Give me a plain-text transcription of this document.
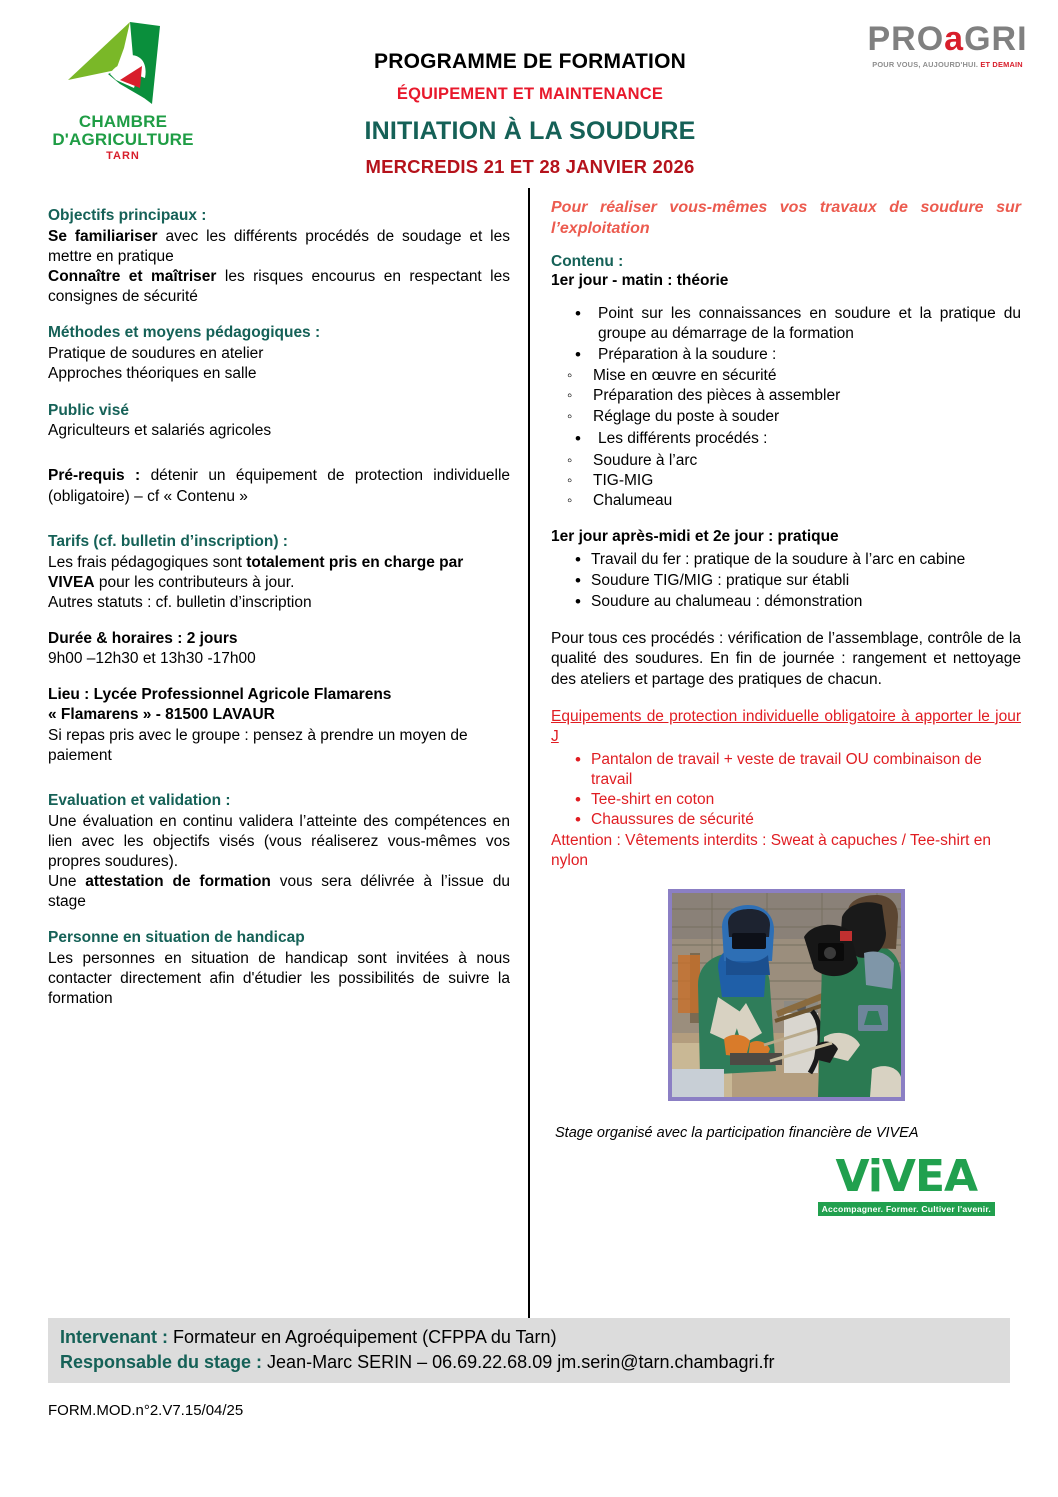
CHAMBRE
D'AGRICULTURE
TARN
PROGRAMME DE FORMATION
ÉQUIPEMENT ET MAINTENANCE
INITIATION À LA SOUDURE
MERCREDIS 21 ET 28 JANVIER 2026
PROaGRI
POUR VOUS, AUJOURD'HUI. ET DEMAIN
Objectifs principaux :

Se familiariser avec les différents procédés de soudage et les mettre en pratique

Connaître et maîtriser les risques encourus en respectant les consignes de sécurité

Méthodes et moyens pédagogiques :

Pratique de soudures en atelier

Approches théoriques en salle

Public visé

Agriculteurs et salariés agricoles

Pré-requis : détenir un équipement de protection individuelle (obligatoire) – cf « Contenu »

Tarifs (cf. bulletin d’inscription) :

Les frais pédagogiques sont totalement pris en charge par VIVEA pour les contributeurs à jour.

Autres statuts : cf. bulletin d’inscription

Durée & horaires : 2 jours

9h00 –12h30 et 13h30 -17h00

Lieu : Lycée Professionnel Agricole Flamarens

« Flamarens » - 81500 LAVAUR

Si repas pris avec le groupe : pensez à prendre un moyen de paiement

Evaluation et validation :

Une évaluation en continu validera l’atteinte des compétences en lien avec les objectifs visés (vous réaliserez vous-mêmes vos propres soudures).

Une attestation de formation vous sera délivrée à l’issue du stage

Personne en situation de handicap

Les personnes en situation de handicap sont invitées à nous contacter directement afin d'étudier les possibilités de suivre la formation

Pour réaliser vous-mêmes vos travaux de soudure sur l’exploitation

Contenu :

1er jour - matin : théorie

• Point sur les connaissances en soudure et la pratique du groupe au démarrage de la formation
• Préparation à la soudure :
◦ Mise en œuvre en sécurité
◦ Préparation des pièces à assembler
◦ Réglage du poste à souder
• Les différents procédés :
◦ Soudure à l’arc
◦ TIG-MIG
◦ Chalumeau

1er jour après-midi et 2e jour : pratique

• Travail du fer : pratique de la soudure à l’arc en cabine
• Soudure TIG/MIG : pratique sur établi
• Soudure au chalumeau : démonstration

Pour tous ces procédés : vérification de l’assemblage, contrôle de la qualité des soudures. En fin de journée : rangement et nettoyage des ateliers et partage des pratiques de chacun.

Equipements de protection individuelle obligatoire à apporter le jour J

• Pantalon de travail + veste de travail OU combinaison de travail
• Tee-shirt en coton
• Chaussures de sécurité

Attention : Vêtements interdits : Sweat à capuches / Tee-shirt en nylon

Stage organisé avec la participation financière de VIVEA

ViVEA
Accompagner. Former. Cultiver l'avenir.
Intervenant : Formateur en Agroéquipement (CFPPA du Tarn)
Responsable du stage : Jean-Marc SERIN – 06.69.22.68.09 jm.serin@tarn.chambagri.fr
FORM.MOD.n°2.V7.15/04/25
